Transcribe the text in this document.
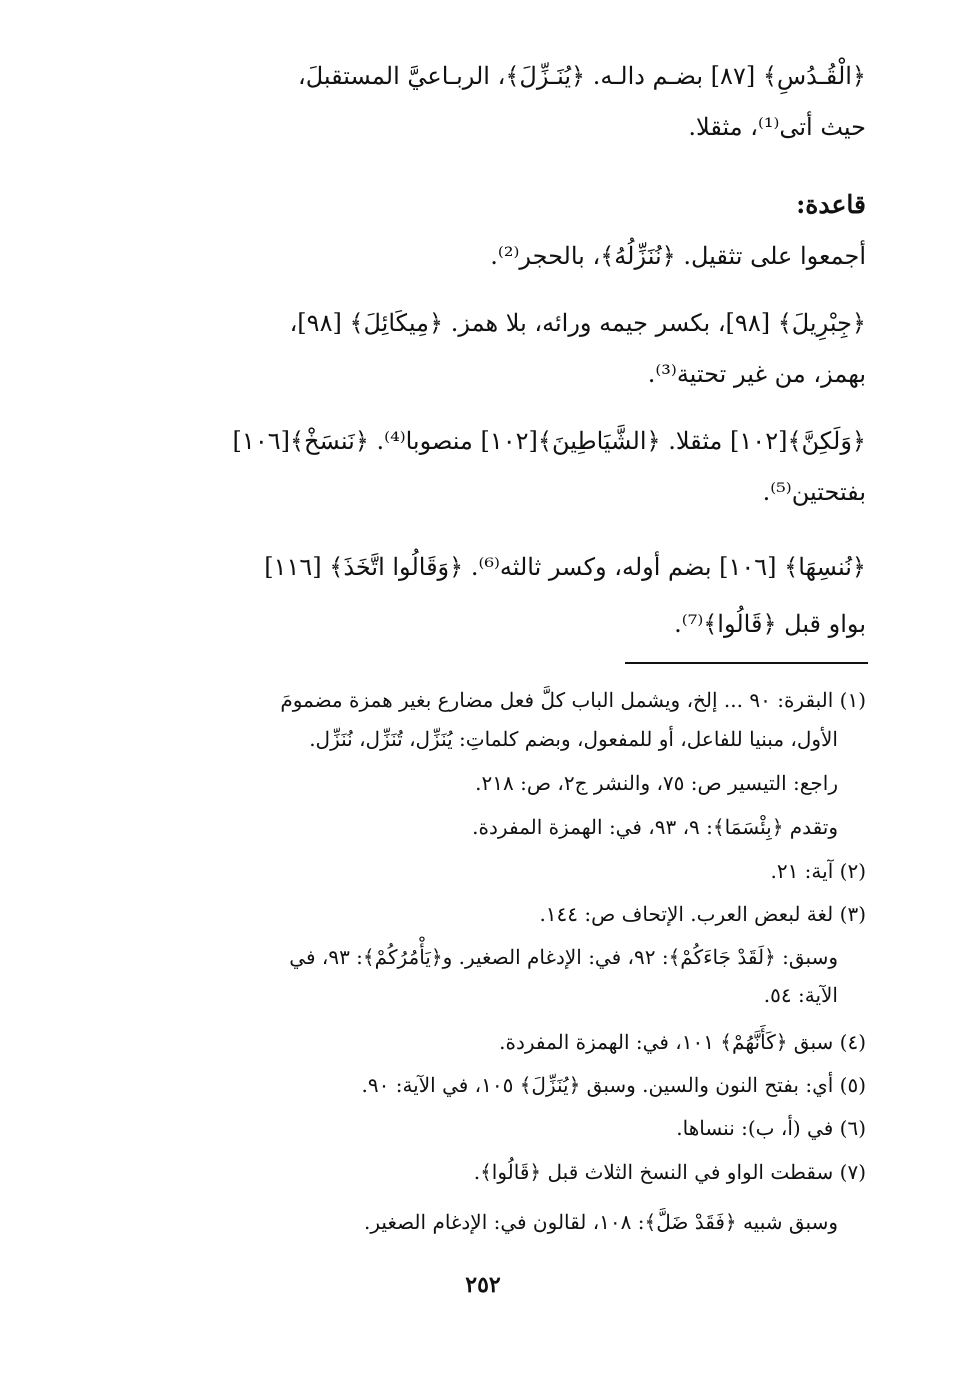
﴿الْقُـدُسِ﴾ [٨٧] بضـم دالـه. ﴿يُنَـزِّلَ﴾، الربـاعيَّ المستقبلَ،
حيث أتى⁽¹⁾، مثقلا.
قاعدة:
أجمعوا على تثقيل. ﴿نُنَزِّلُهُ﴾، بالحجر⁽²⁾.
﴿جِبْرِيلَ﴾ [٩٨]، بكسر جيمه ورائه، بلا همز. ﴿مِيكَائِلَ﴾ [٩٨]،
بهمز، من غير تحتية⁽³⁾.
﴿وَلَكِنَّ﴾[١٠٢] مثقلا. ﴿الشَّيَاطِينَ﴾[١٠٢] منصوبا⁽⁴⁾. ﴿نَنسَخْ﴾[١٠٦]
بفتحتين⁽⁵⁾.
﴿نُنسِهَا﴾ [١٠٦] بضم أوله، وكسر ثالثه⁽⁶⁾. ﴿وَقَالُوا اتَّخَذَ﴾ [١١٦]
بواو قبل ﴿قَالُوا﴾⁽⁷⁾.
(١) البقرة: ٩٠ ... إلخ، ويشمل الباب كلَّ فعل مضارع بغير همزة مضمومَ
الأول، مبنيا للفاعل، أو للمفعول، وبضم كلماتِ: يُنَزِّل، تُنَزِّل، نُنَزِّل.
راجع: التيسير ص: ٧٥، والنشر ج٢، ص: ٢١٨.
وتقدم ﴿بِئْسَمَا﴾: ٩، ٩٣، في: الهمزة المفردة.
(٢) آية: ٢١.
(٣) لغة لبعض العرب. الإتحاف ص: ١٤٤.
وسبق: ﴿لَقَدْ جَاءَكُمْ﴾: ٩٢، في: الإدغام الصغير. و﴿يَأْمُرُكُمْ﴾: ٩٣، في
الآية: ٥٤.
(٤) سبق ﴿كَأَنَّهُمْ﴾ ١٠١، في: الهمزة المفردة.
(٥) أي: بفتح النون والسين. وسبق ﴿يُنَزِّلَ﴾ ١٠٥، في الآية: ٩٠.
(٦) في (أ، ب): ننساها.
(٧) سقطت الواو في النسخ الثلاث قبل ﴿قَالُوا﴾.
وسبق شبيه ﴿فَقَدْ ضَلَّ﴾: ١٠٨، لقالون في: الإدغام الصغير.
٢٥٢
